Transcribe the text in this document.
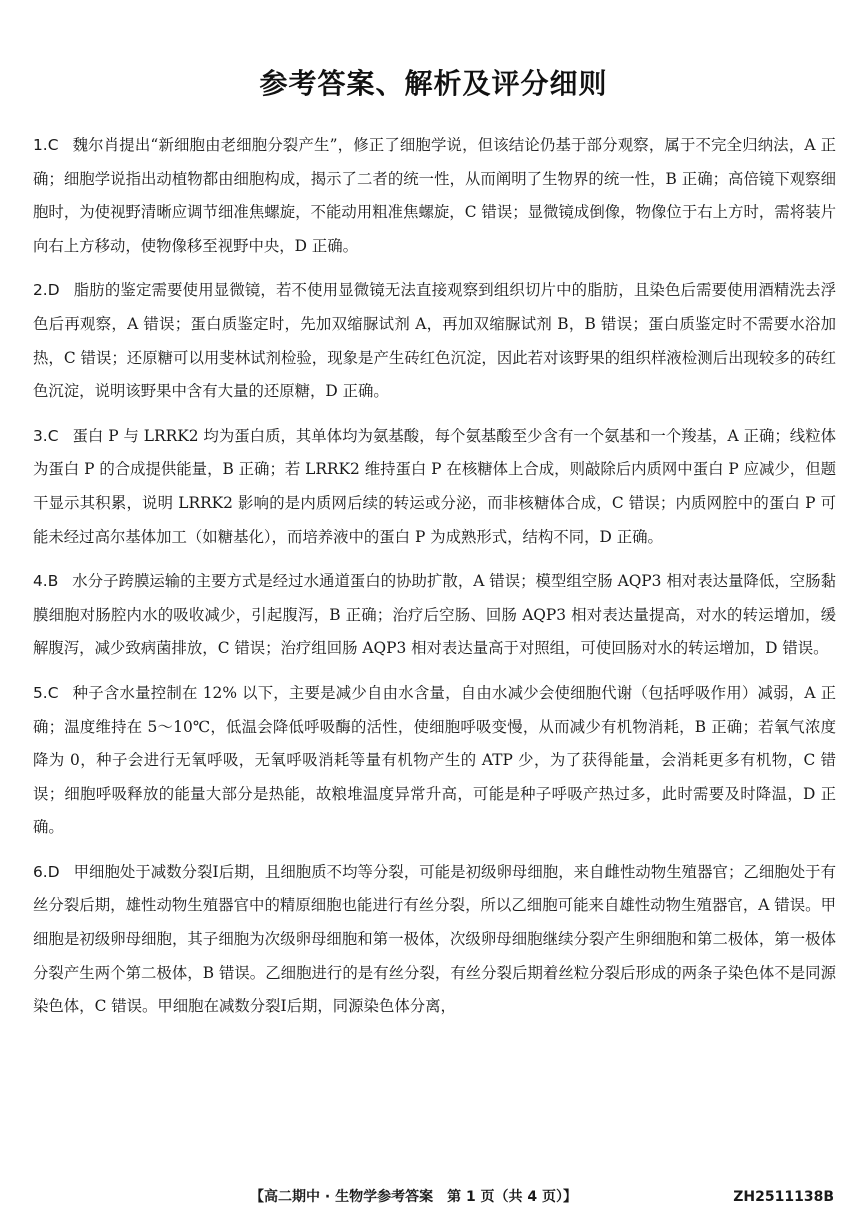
参考答案、解析及评分细则

1.C 魏尔肖提出“新细胞由老细胞分裂产生”，修正了细胞学说，但该结论仍基于部分观察，属于不完全归纳法，A 正确；细胞学说指出动植物都由细胞构成，揭示了二者的统一性，从而阐明了生物界的统一性，B 正确；高倍镜下观察细胞时，为使视野清晰应调节细准焦螺旋，不能动用粗准焦螺旋，C 错误；显微镜成倒像，物像位于右上方时，需将装片向右上方移动，使物像移至视野中央，D 正确。

2.D 脂肪的鉴定需要使用显微镜，若不使用显微镜无法直接观察到组织切片中的脂肪，且染色后需要使用酒精洗去浮色后再观察，A 错误；蛋白质鉴定时，先加双缩脲试剂 A，再加双缩脲试剂 B，B 错误；蛋白质鉴定时不需要水浴加热，C 错误；还原糖可以用斐林试剂检验，现象是产生砖红色沉淀，因此若对该野果的组织样液检测后出现较多的砖红色沉淀，说明该野果中含有大量的还原糖，D 正确。

3.C 蛋白 P 与 LRRK2 均为蛋白质，其单体均为氨基酸，每个氨基酸至少含有一个氨基和一个羧基，A 正确；线粒体为蛋白 P 的合成提供能量，B 正确；若 LRRK2 维持蛋白 P 在核糖体上合成，则敲除后内质网中蛋白 P 应减少，但题干显示其积累，说明 LRRK2 影响的是内质网后续的转运或分泌，而非核糖体合成，C 错误；内质网腔中的蛋白 P 可能未经过高尔基体加工（如糖基化），而培养液中的蛋白 P 为成熟形式，结构不同，D 正确。

4.B 水分子跨膜运输的主要方式是经过水通道蛋白的协助扩散，A 错误；模型组空肠 AQP3 相对表达量降低，空肠黏膜细胞对肠腔内水的吸收减少，引起腹泻，B 正确；治疗后空肠、回肠 AQP3 相对表达量提高，对水的转运增加，缓解腹泻，减少致病菌排放，C 错误；治疗组回肠 AQP3 相对表达量高于对照组，可使回肠对水的转运增加，D 错误。

5.C 种子含水量控制在 12% 以下，主要是减少自由水含量，自由水减少会使细胞代谢（包括呼吸作用）减弱，A 正确；温度维持在 5～10℃，低温会降低呼吸酶的活性，使细胞呼吸变慢，从而减少有机物消耗，B 正确；若氧气浓度降为 0，种子会进行无氧呼吸，无氧呼吸消耗等量有机物产生的 ATP 少，为了获得能量，会消耗更多有机物，C 错误；细胞呼吸释放的能量大部分是热能，故粮堆温度异常升高，可能是种子呼吸产热过多，此时需要及时降温，D 正确。

6.D 甲细胞处于减数分裂Ⅰ后期，且细胞质不均等分裂，可能是初级卵母细胞，来自雌性动物生殖器官；乙细胞处于有丝分裂后期，雄性动物生殖器官中的精原细胞也能进行有丝分裂，所以乙细胞可能来自雄性动物生殖器官，A 错误。甲细胞是初级卵母细胞，其子细胞为次级卵母细胞和第一极体，次级卵母细胞继续分裂产生卵细胞和第二极体，第一极体分裂产生两个第二极体，B 错误。乙细胞进行的是有丝分裂，有丝分裂后期着丝粒分裂后形成的两条子染色体不是同源染色体，C 错误。甲细胞在减数分裂Ⅰ后期，同源染色体分离，

【高二期中 · 生物学参考答案　第 1 页（共 4 页）】	ZH2511138B
